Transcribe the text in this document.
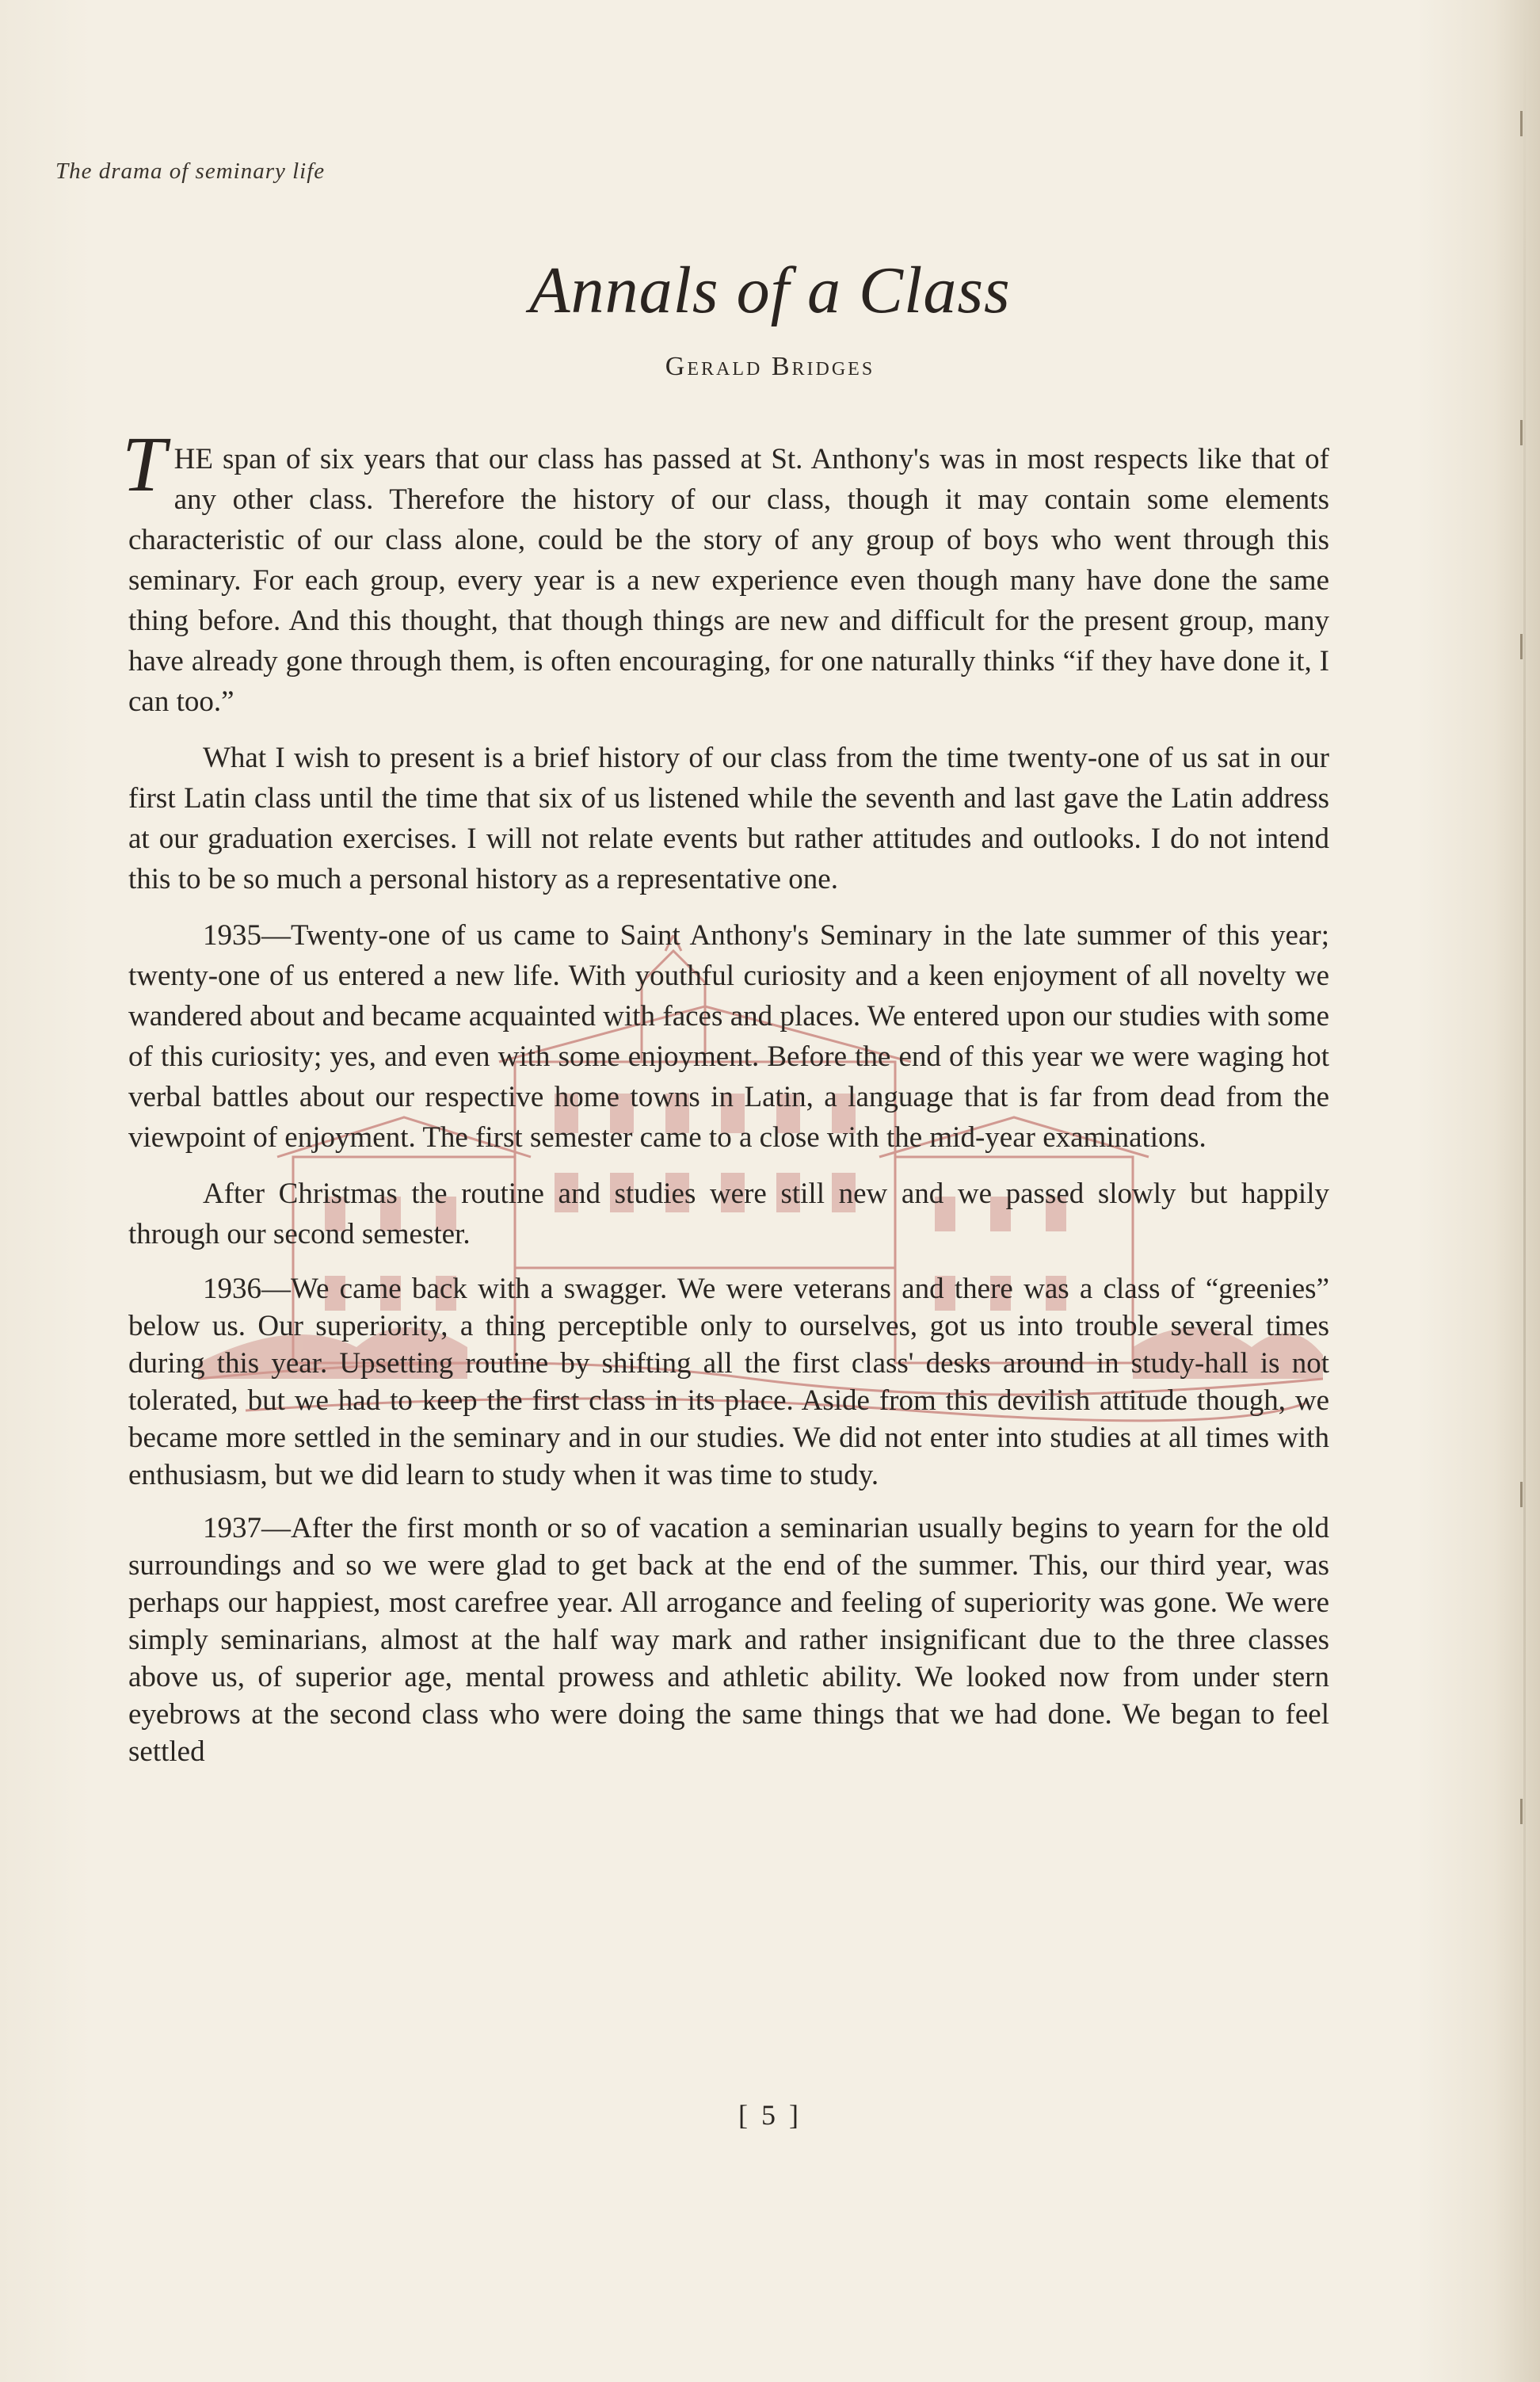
The drama of seminary life
Annals of a Class
Gerald Bridges

THE span of six years that our class has passed at St. Anthony's was in most respects like that of any other class. Therefore the history of our class, though it may contain some elements characteristic of our class alone, could be the story of any group of boys who went through this seminary. For each group, every year is a new experience even though many have done the same thing before. And this thought, that though things are new and difficult for the present group, many have already gone through them, is often encouraging, for one naturally thinks “if they have done it, I can too.”

What I wish to present is a brief history of our class from the time twenty-one of us sat in our first Latin class until the time that six of us listened while the seventh and last gave the Latin address at our graduation exercises. I will not relate events but rather attitudes and outlooks. I do not intend this to be so much a personal history as a representative one.

1935—Twenty-one of us came to Saint Anthony's Seminary in the late summer of this year; twenty-one of us entered a new life. With youthful curiosity and a keen enjoyment of all novelty we wandered about and became acquainted with faces and places. We entered upon our studies with some of this curiosity; yes, and even with some enjoyment. Before the end of this year we were waging hot verbal battles about our respective home towns in Latin, a language that is far from dead from the viewpoint of enjoyment. The first semester came to a close with the mid-year examinations.

After Christmas the routine and studies were still new and we passed slowly but happily through our second semester.

1936—We came back with a swagger. We were veterans and there was a class of “greenies” below us. Our superiority, a thing perceptible only to ourselves, got us into trouble several times during this year. Upsetting routine by shifting all the first class' desks around in study-hall is not tolerated, but we had to keep the first class in its place. Aside from this devilish attitude though, we became more settled in the seminary and in our studies. We did not enter into studies at all times with enthusiasm, but we did learn to study when it was time to study.

1937—After the first month or so of vacation a seminarian usually begins to yearn for the old surroundings and so we were glad to get back at the end of the summer. This, our third year, was perhaps our happiest, most carefree year. All arrogance and feeling of superiority was gone. We were simply seminarians, almost at the half way mark and rather insignificant due to the three classes above us, of superior age, mental prowess and athletic ability. We looked now from under stern eyebrows at the second class who were doing the same things that we had done. We began to feel settled

[ 5 ]
